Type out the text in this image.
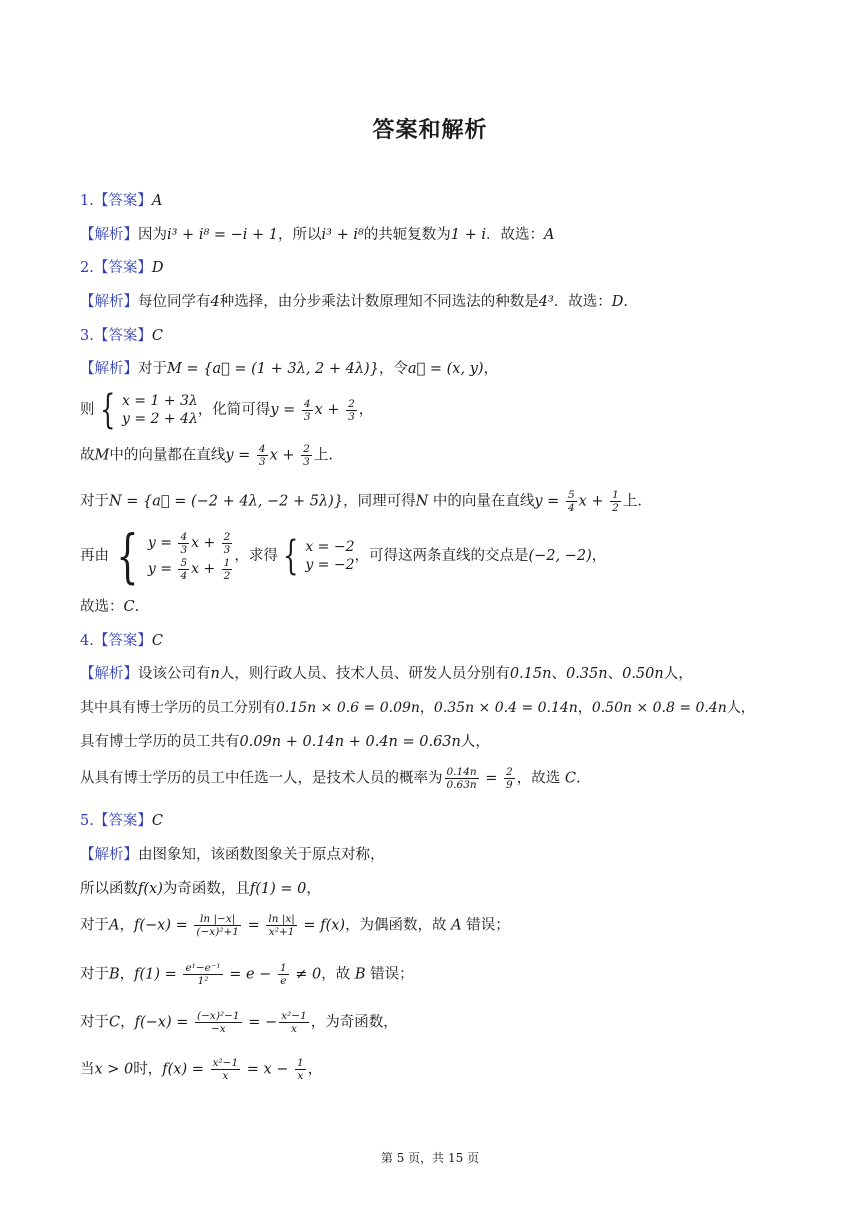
答案和解析
1.【答案】A
【解析】因为i³ + i⁸ = −i + 1，所以i³ + i⁸的共轭复数为1 + i．故选：A
2.【答案】D
【解析】每位同学有4种选择，由分步乘法计数原理知不同选法的种数是4³．故选：D.
3.【答案】C
【解析】对于M = {a⃗ = (1 + 3λ, 2 + 4λ)}，令a⃗ = (x, y)，
则 { x = 1 + 3λ
y = 2 + 4λ
，化简可得$y = \frac{4}{3}$ $x + \frac{2}{3}$ ，
故M中的向量都在直线$y = \frac{4}{3}$ $x + \frac{2}{3}$ 上.
对于N = {a⃗ = (−2 + 4λ, −2 + 5λ)}，同理可得N 中的向量在直线$y = \frac{5}{4}$ $x + \frac{1}{2}$ 上.
再由 { $y = \frac{4}{3}$ $x + \frac{2}{3}$
$y = \frac{5}{4}$ $x + \frac{1}{2}$
，求得 { x = −2
y = −2
，可得这两条直线的交点是(−2, −2)，
故选：C.
4.【答案】C
【解析】设该公司有n人，则行政人员、技术人员、研发人员分别有0.15n、0.35n、0.50n人，
其中具有博士学历的员工分别有0.15n × 0.6 = 0.09n，0.35n × 0.4 = 0.14n，0.50n × 0.8 = 0.4n人，
具有博士学历的员工共有0.09n + 0.14n + 0.4n = 0.63n人，
从具有博士学历的员工中任选一人，是技术人员的概率为 $\frac{0.14n}{0.63n} = \frac{2}{9}$ ，故选 C.
5.【答案】C
【解析】由图象知，该函数图象关于原点对称，
所以函数f(x)为奇函数，且f(1) = 0，
对于A，$f(-x) = \frac{\ln |-x|}{\text{(−x)²+1}} = \frac{\ln |x|}{\text{x²+1}} = f(x)$，为偶函数，故 A 错误；
对于B，$f(1) = \frac{\text{e¹−e⁻¹}}{\text{1²}} = e - \frac{1}{e} \ne 0$，故 B 错误；
对于C，$f(-x) = \frac{\text{(−x)²−1}}{-x}$ = − $\frac{\text{x²−1}}{x}$ ，为奇函数，
当x > 0时，$f(x) = \frac{\text{x²−1}}{x} = x - \frac{1}{x}$ ，
第 5 页，共 15 页
